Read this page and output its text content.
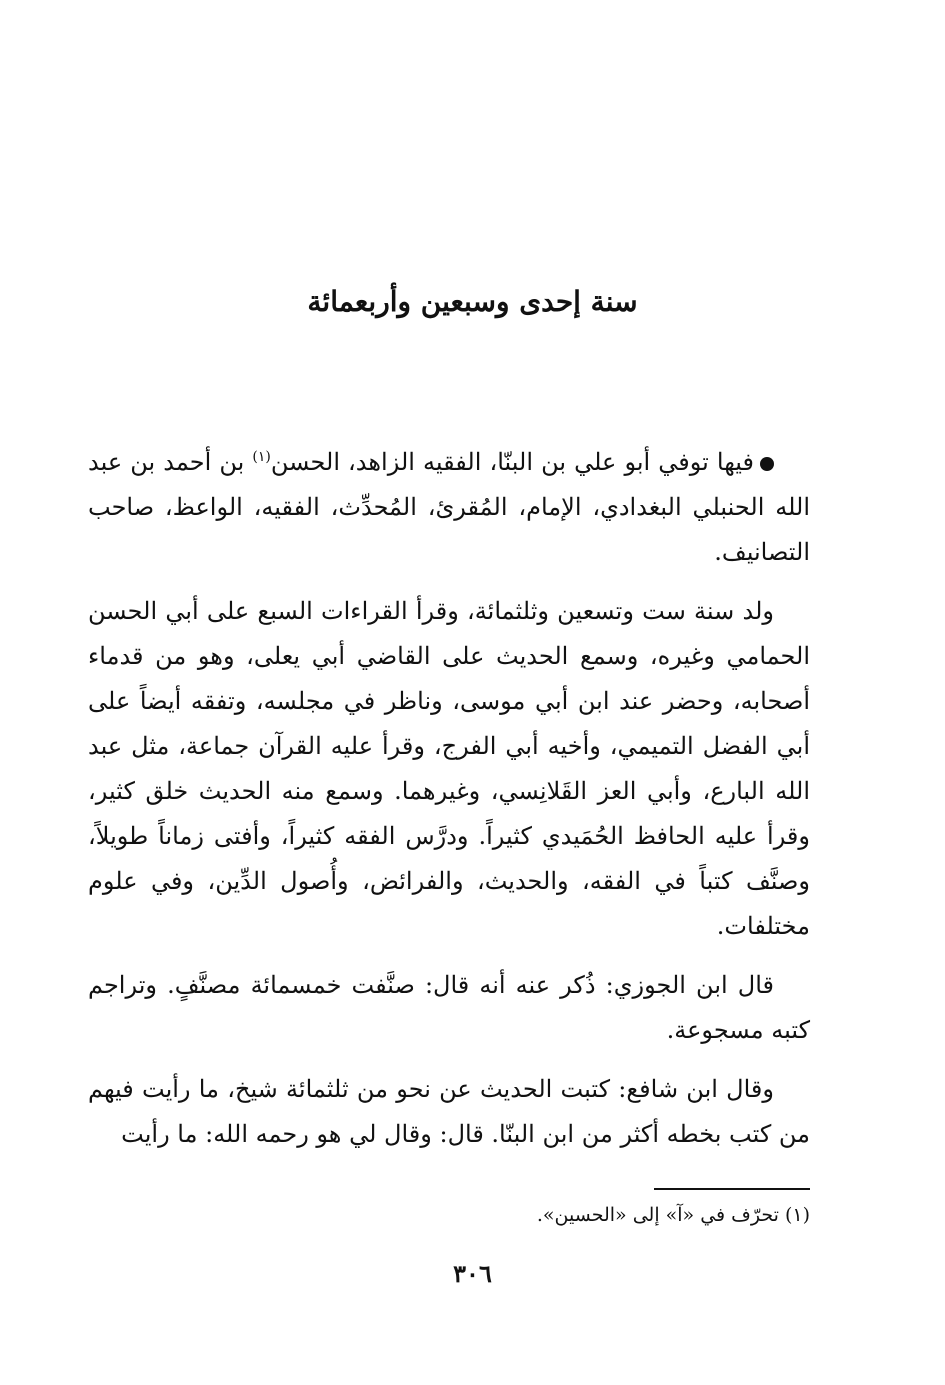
سنة إحدى وسبعين وأربعمائة

فيها توفي أبو علي بن البنّا، الفقيه الزاهد، الحسن$^{(١)}$ بن أحمد بن عبد الله الحنبلي البغدادي، الإمام، المُقرئ، المُحدِّث، الفقيه، الواعظ، صاحب التصانيف.

ولد سنة ست وتسعين وثلثمائة، وقرأ القراءات السبع على أبي الحسن الحمامي وغيره، وسمع الحديث على القاضي أبي يعلى، وهو من قدماء أصحابه، وحضر عند ابن أبي موسى، وناظر في مجلسه، وتفقه أيضاً على أبي الفضل التميمي، وأخيه أبي الفرج، وقرأ عليه القرآن جماعة، مثل عبد الله البارع، وأبي العز القَلانِسي، وغيرهما. وسمع منه الحديث خلق كثير، وقرأ عليه الحافظ الحُمَيدي كثيراً. ودرَّس الفقه كثيراً، وأفتى زماناً طويلاً، وصنَّف كتباً في الفقه، والحديث، والفرائض، وأُصول الدِّين، وفي علوم مختلفات.

قال ابن الجوزي: ذُكر عنه أنه قال: صنَّفت خمسمائة مصنَّفٍ. وتراجم كتبه مسجوعة.

وقال ابن شافع: كتبت الحديث عن نحو من ثلثمائة شيخ، ما رأيت فيهم من كتب بخطه أكثر من ابن البنّا. قال: وقال لي هو رحمه الله: ما رأيت

(١) تحرّف في «آ» إلى «الحسين».
٣٠٦
